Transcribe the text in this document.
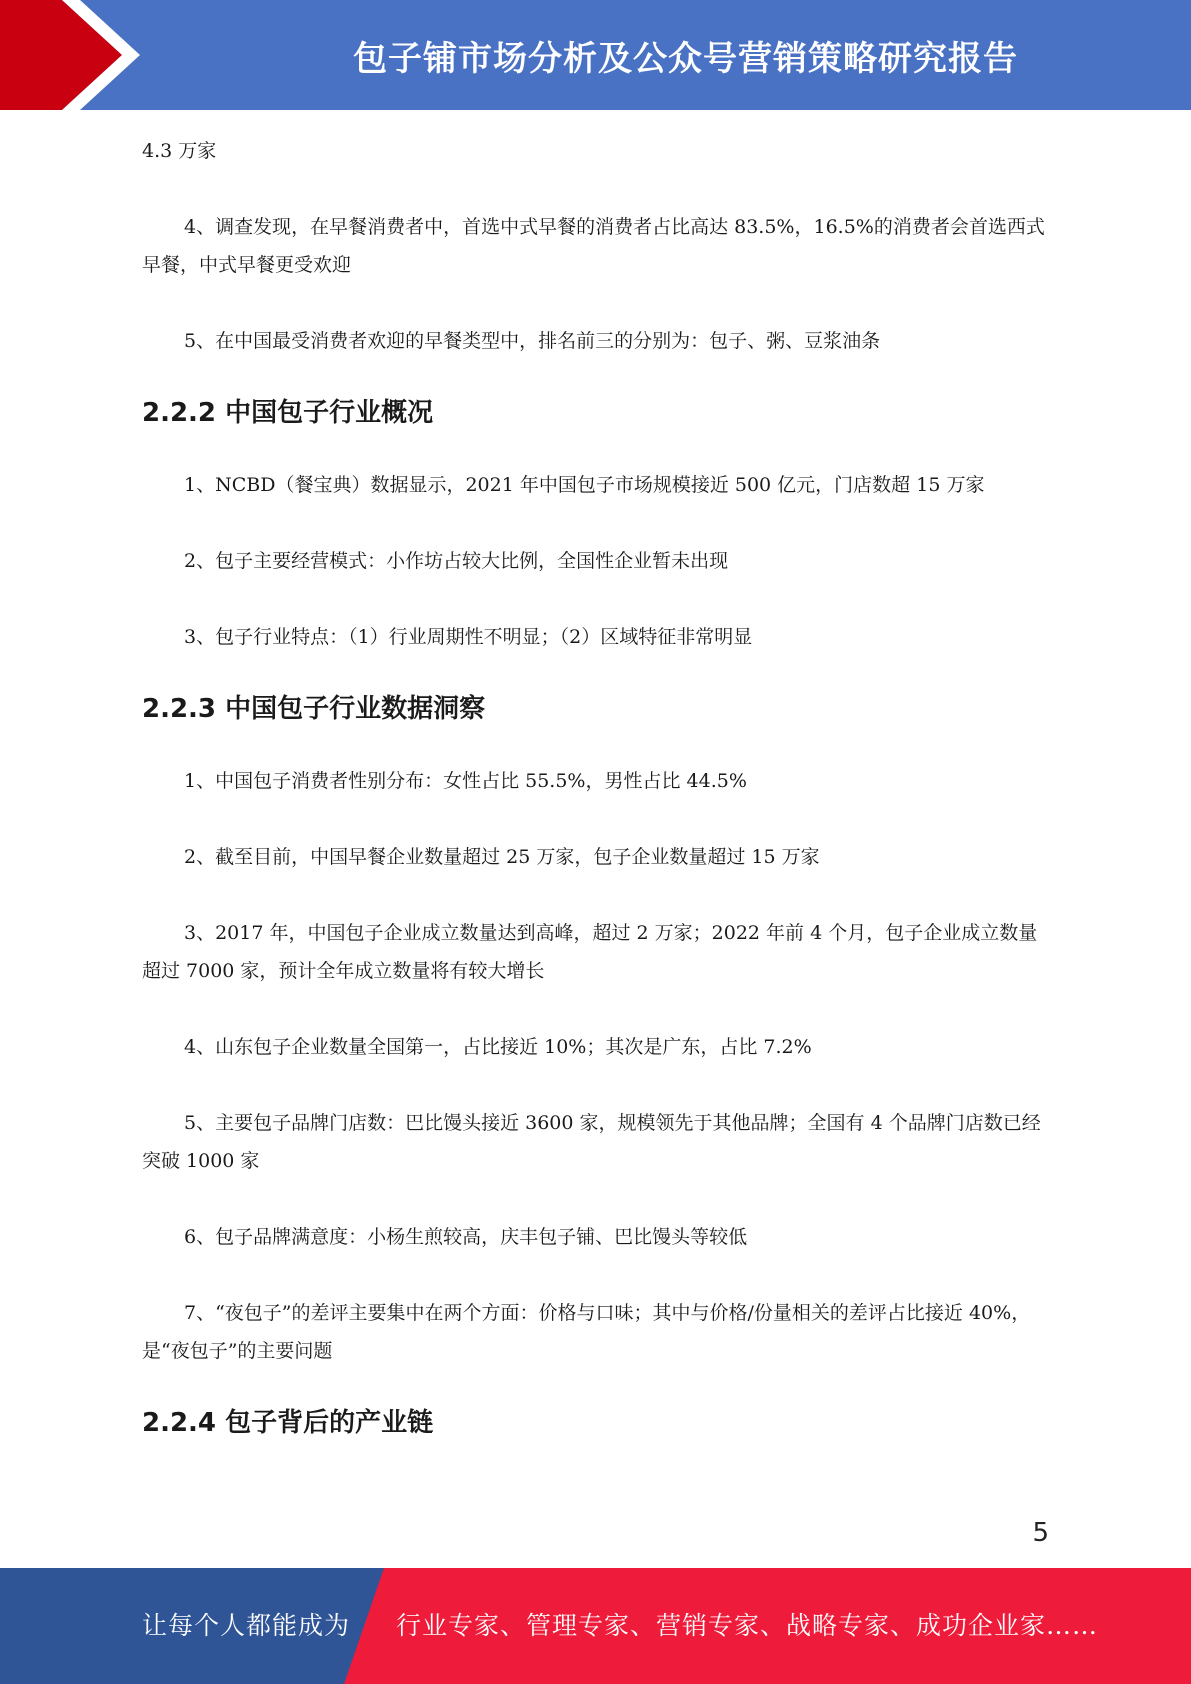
包子铺市场分析及公众号营销策略研究报告

4.3 万家

4、调查发现，在早餐消费者中，首选中式早餐的消费者占比高达 83.5%，16.5%的消费者会首选西式早餐，中式早餐更受欢迎

5、在中国最受消费者欢迎的早餐类型中，排名前三的分别为：包子、粥、豆浆油条

2.2.2 中国包子行业概况

1、NCBD（餐宝典）数据显示，2021 年中国包子市场规模接近 500 亿元，门店数超 15 万家

2、包子主要经营模式：小作坊占较大比例，全国性企业暂未出现

3、包子行业特点：（1）行业周期性不明显；（2）区域特征非常明显

2.2.3 中国包子行业数据洞察

1、中国包子消费者性别分布：女性占比 55.5%，男性占比 44.5%

2、截至目前，中国早餐企业数量超过 25 万家，包子企业数量超过 15 万家

3、2017 年，中国包子企业成立数量达到高峰，超过 2 万家；2022 年前 4 个月，包子企业成立数量超过 7000 家，预计全年成立数量将有较大增长

4、山东包子企业数量全国第一，占比接近 10%；其次是广东，占比 7.2%

5、主要包子品牌门店数：巴比馒头接近 3600 家，规模领先于其他品牌；全国有 4 个品牌门店数已经突破 1000 家

6、包子品牌满意度：小杨生煎较高，庆丰包子铺、巴比馒头等较低

7、“夜包子”的差评主要集中在两个方面：价格与口味；其中与价格/份量相关的差评占比接近 40%，是“夜包子”的主要问题

2.2.4 包子背后的产业链
5
让每个人都能成为 行业专家、管理专家、营销专家、战略专家、成功企业家……
